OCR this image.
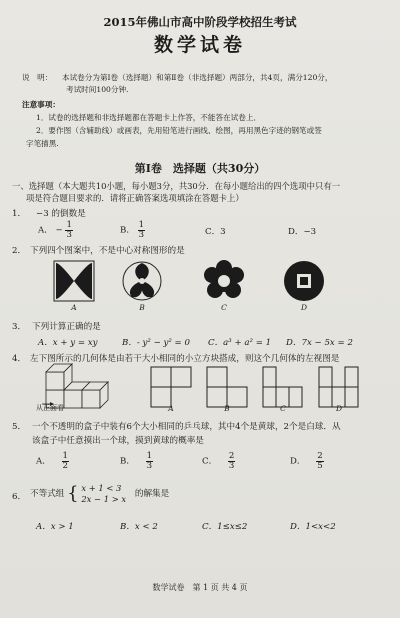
2015年佛山市高中阶段学校招生考试
数学试卷
说　明： 本试卷分为第Ⅰ卷（选择题）和第Ⅱ卷（非选择题）两部分，共4页，满分120分，
考试时间100分钟.
注意事项：
1．试卷的选择题和非选择题都在答题卡上作答，不能答在试卷上．
2．要作图（含辅助线）或画表，先用铅笔进行画线、绘图，再用黑色字迹的钢笔或签
字笔描黑.
第Ⅰ卷　选择题（共30分）
一、选择题（本大题共10小题，每小题3分，共30分．在每小题给出的四个选项中只有一
项是符合题目要求的．请将正确答案选项填涂在答题卡上）
1． −3 的倒数是
A． − $\frac{1}{3}$	B． $\frac{1}{3}$	C．3	D．−3
2． 下列四个图案中，不是中心对称图形的是
A	B	C	D
3． 下列计算正确的是
A．x + y = xy	B．- y² − y² = 0 C．a³ + a² = 1 D．7x − 5x = 2
4． 左下图所示的几何体是由若干大小相同的小立方块搭成，则这个几何体的左视图是
从正面看	A	B	C	D
5． 一个不透明的盒子中装有6个大小相同的乒乓球，其中4个是黄球，2个是白球．从
该盒子中任意摸出一个球，摸到黄球的概率是
A． $\frac{1}{2}$	B． $\frac{1}{3}$	C． $\frac{2}{3}$	D． $\frac{2}{5}$
6． 不等式组 { x + 1 < 3
2x − 1 > x 的解集是
A．x > 1	B．x < 2	C．1≤x≤2	D．1<x<2
数学试卷　第 1 页 共 4 页
